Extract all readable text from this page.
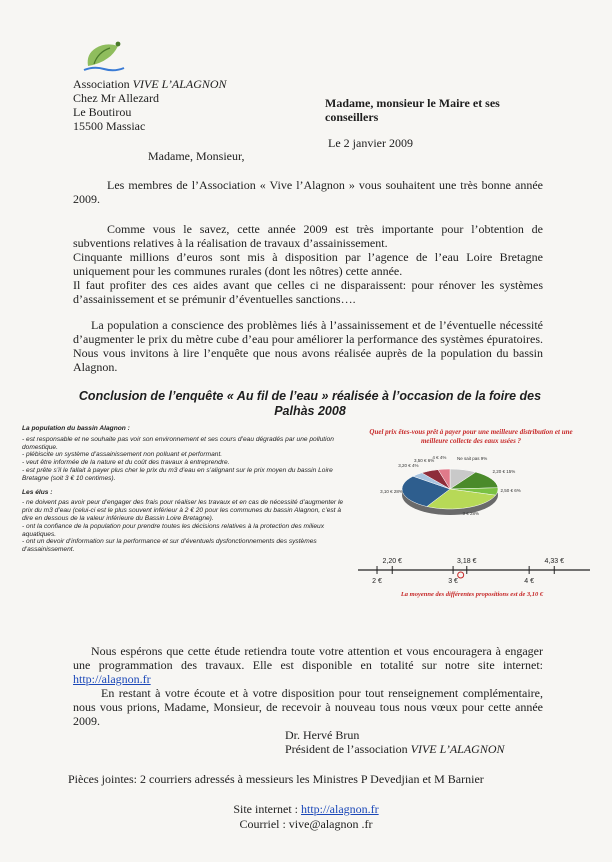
Association VIVE L’ALAGNON
Chez Mr Allezard
Le Boutirou
15500 Massiac
Madame, monsieur le Maire et ses conseillers
Le 2 janvier 2009
Madame, Monsieur,

Les membres de l’Association « Vive l’Alagnon » vous souhaitent une très bonne année 2009.

Comme vous le savez, cette année 2009 est très importante pour l’obtention de subventions relatives à la réalisation de travaux d’assainissement.

Cinquante millions d’euros sont mis à disposition par l’agence de l’eau Loire Bretagne uniquement pour les communes rurales (dont les nôtres) cette année.

Il faut profiter des ces aides avant que celles ci ne disparaissent: pour rénover les systèmes d’assainissement et se prémunir d’éventuelles sanctions….

La population a conscience des problèmes liés à l’assainissement et de l’éventuelle nécessité d’augmenter le prix du mètre cube d’eau pour améliorer la performance des systèmes épuratoires. Nous vous invitons à lire l’enquête que nous avons réalisée auprès de la population du bassin Alagnon.

Conclusion de l’enquête « Au fil de l’eau » réalisée à l’occasion de la foire des Palhàs 2008
La population du bassin Alagnon :
- est responsable et ne souhaite pas voir son environnement et ses cours d’eau dégradés par une pollution domestique.
- plébiscite un système d’assainissement non polluant et performant.
- veut être informée de la nature et du coût des travaux à entreprendre.
- est prête s’il le fallait à payer plus cher le prix du m3 d’eau en s’alignant sur le prix moyen du bassin Loire Bretagne (soit 3 € 10 centimes).
Les élus :
- ne doivent pas avoir peur d’engager des frais pour réaliser les travaux et en cas de nécessité d’augmenter le prix du m3 d’eau (celui-ci est le plus souvent inférieur à 2 € 20 pour les communes du bassin Alagnon, c’est à dire en dessous de la valeur inférieure du Bassin Loire Bretagne).
- ont la confiance de la population pour prendre toutes les décisions relatives à la protection des milieux aquatiques.
- ont un devoir d’information sur la performance et sur d’éventuels dysfonctionnements des systèmes d’assainissement.
Quel prix êtes-vous prêt à payer pour une meilleure distribution et une meilleure collecte des eaux usées ?
Ne sait pas 9%
2,20 € 15%
2,50 € 6%
3 € 28%
3,10 € 28%
3,20 € 4%
3,50 € 6%
4 € 4%
2,20 €	3,18 €	4,33 €
2 €	3 €	4 €
La moyenne des différentes propositions est de 3,10 €

Nous espérons que cette étude retiendra toute votre attention et vous encouragera à engager une programmation des travaux. Elle est disponible en totalité sur notre site internet: http://alagnon.fr

En restant à votre écoute et à votre disposition pour tout renseignement complémentaire, nous vous prions, Madame, Monsieur, de recevoir à nouveau tous nous vœux pour cette année 2009.

Dr. Hervé Brun
Président de l’association VIVE L’ALAGNON
Pièces jointes: 2 courriers adressés à messieurs les Ministres P Devedjian et M Barnier
Site internet : http://alagnon.fr
Courriel : vive@alagnon .fr
